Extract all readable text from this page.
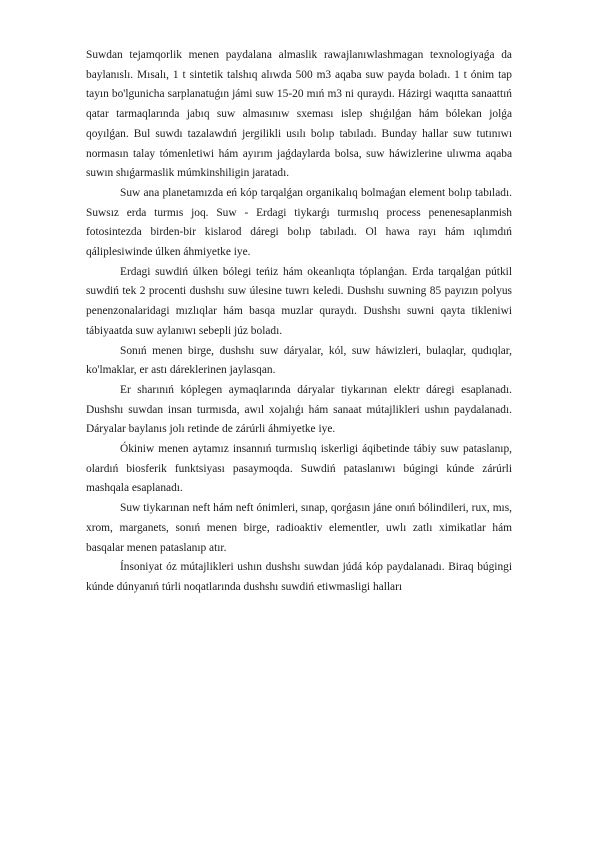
Suwdan tejamqorlik menen paydalana almaslik rawajlanıwlashmagan texnologiyaǵa da baylanıslı. Mısalı, 1 t sintetik talshıq alıwda 500 m3 aqaba suw payda boladı. 1 t ónim tap tayın bo'lgunicha sarplanatuǵın jámi suw 15-20 mıń m3 ni quraydı. Házirgi waqıtta sanaattıń qatar tarmaqlarında jabıq suw almasınıw sxeması islep shıǵılǵan hám bólekan jolǵa qoyılǵan. Bul suwdı tazalawdıń jergilikli usılı bolıp tabıladı. Bunday hallar suw tutınıwı normasın talay tómenletiwi hám ayırım jaǵdaylarda bolsa, suw háwizlerine ulıwma aqaba suwın shıǵarmaslik múmkinshiligin jaratadı.

Suw ana planetamızda eń kóp tarqalǵan organikalıq bolmaǵan element bolıp tabıladı. Suwsız erda turmıs joq. Suw - Erdagi tiykarǵı turmıslıq process penenesaplanmish fotosintezda birden-bir kislarod dáregi bolıp tabıladı. Ol hawa rayı hám ıqlımdıń qáliplesiwinde úlken áhmiyetke iye.

Erdagi suwdiń úlken bólegi teńiz hám okeanlıqta tóplanǵan. Erda tarqalǵan pútkil suwdiń tek 2 procenti dushshı suw úlesine tuwrı keledi. Dushshı suwning 85 payızın polyus penenzonalaridagi mızlıqlar hám basqa muzlar quraydı. Dushshı suwni qayta tikleniwi tábiyaatda suw aylanıwı sebepli júz boladı.

Sonıń menen birge, dushshı suw dáryalar, kól, suw háwizleri, bulaqlar, qudıqlar, ko'lmaklar, er astı dáreklerinen jaylasqan.

Er sharınıń kóplegen aymaqlarında dáryalar tiykarınan elektr dáregi esaplanadı. Dushshı suwdan insan turmısda, awıl xojalıǵı hám sanaat mútajlikleri ushın paydalanadı. Dáryalar baylanıs jolı retinde de zárúrli áhmiyetke iye.

Ókiniw menen aytamız insannıń turmıslıq iskerligi áqibetinde tábiy suw pataslanıp, olardıń biosferik funktsiyası pasaymoqda. Suwdiń pataslanıwı búgingi kúnde zárúrli mashqala esaplanadı.

Suw tiykarınan neft hám neft ónimleri, sınap, qorǵasın jáne onıń bólindileri, rux, mıs, xrom, marganets, sonıń menen birge, radioaktiv elementler, uwlı zatlı ximikatlar hám basqalar menen pataslanıp atır.

Ínsoniyat óz mútajlikleri ushın dushshı suwdan júdá kóp paydalanadı. Biraq búgingi kúnde dúnyanıń túrli noqatlarında dushshı suwdiń etiwmasligi halları
